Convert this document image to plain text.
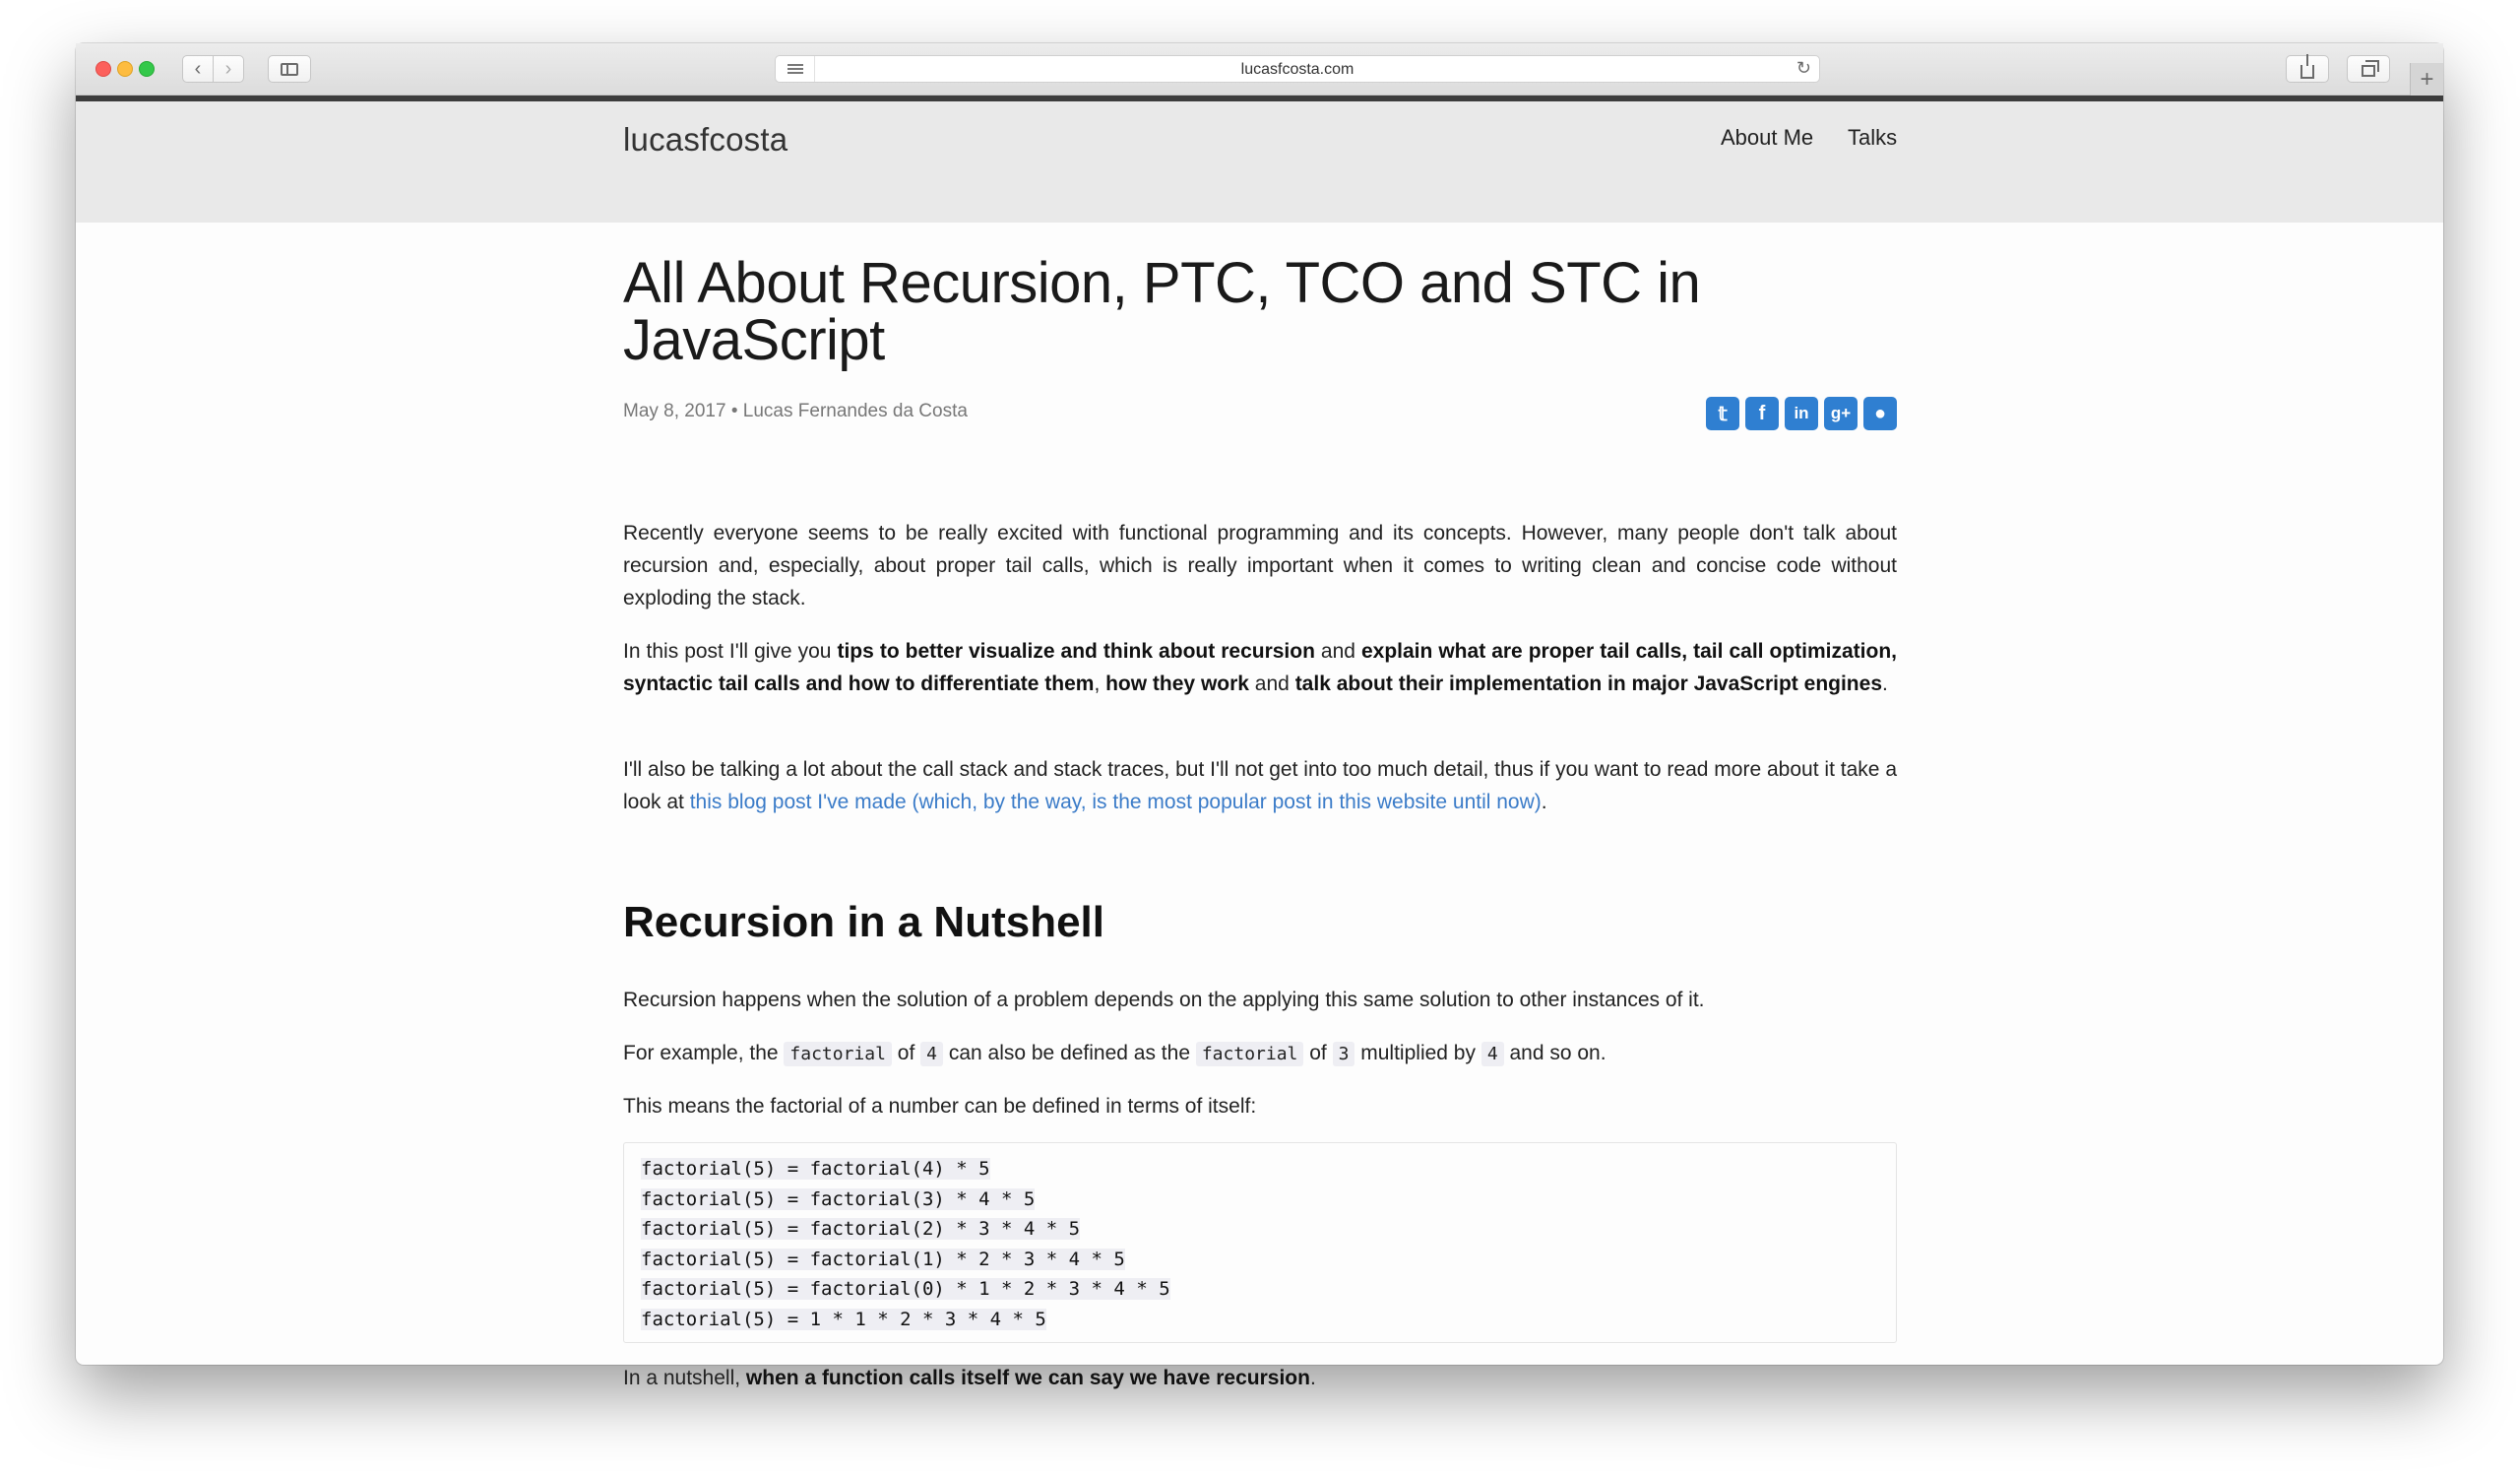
‹ ›	lucasfcosta.com	↻	+
lucasfcosta	About Me Talks
All About Recursion, PTC, TCO and STC in JavaScript
May 8, 2017 • Lucas Fernandes da Costa	𝕥	f	in	g+	●

Recently everyone seems to be really excited with functional programming and its concepts. However, many people don't talk about recursion and, especially, about proper tail calls, which is really important when it comes to writing clean and concise code without exploding the stack.

In this post I'll give you tips to better visualize and think about recursion and explain what are proper tail calls, tail call optimization, syntactic tail calls and how to differentiate them, how they work and talk about their implementation in major JavaScript engines.

I'll also be talking a lot about the call stack and stack traces, but I'll not get into too much detail, thus if you want to read more about it take a look at this blog post I've made (which, by the way, is the most popular post in this website until now).

Recursion in a Nutshell

Recursion happens when the solution of a problem depends on the applying this same solution to other instances of it.

For example, the factorial of 4 can also be defined as the factorial of 3 multiplied by 4 and so on.

This means the factorial of a number can be defined in terms of itself:

factorial(5) = factorial(4) * 5
factorial(5) = factorial(3) * 4 * 5
factorial(5) = factorial(2) * 3 * 4 * 5
factorial(5) = factorial(1) * 2 * 3 * 4 * 5
factorial(5) = factorial(0) * 1 * 2 * 3 * 4 * 5
factorial(5) = 1 * 1 * 2 * 3 * 4 * 5

In a nutshell, when a function calls itself we can say we have recursion.
